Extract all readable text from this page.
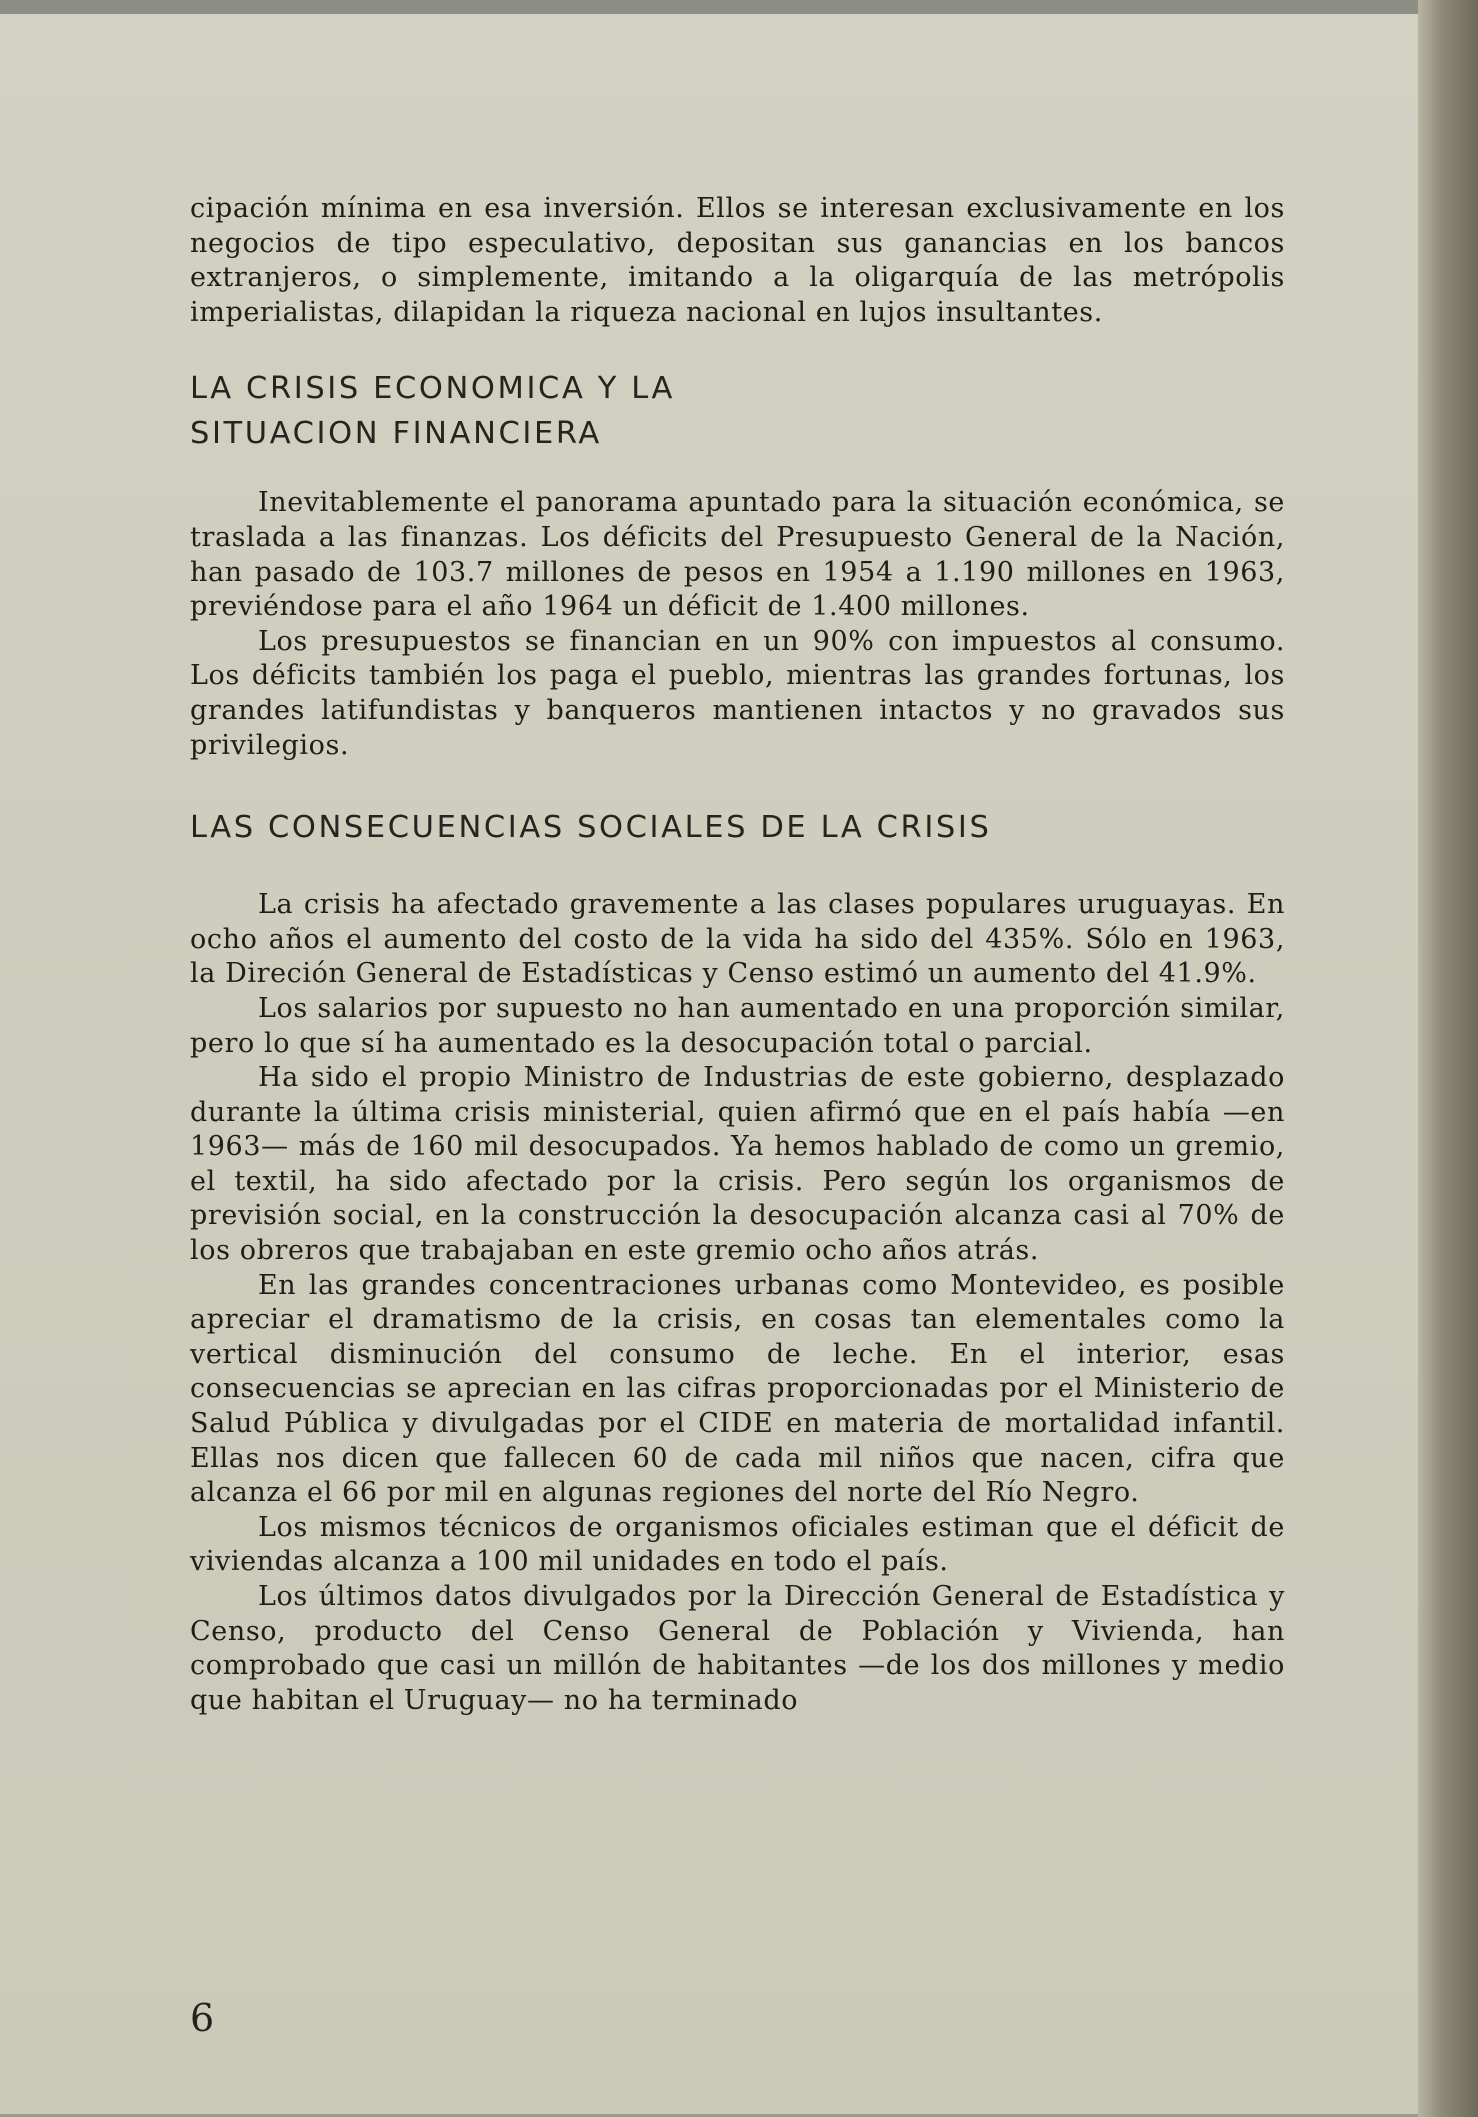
cipación mínima en esa inversión. Ellos se interesan exclusivamente en los negocios de tipo especulativo, depositan sus ganancias en los bancos extranjeros, o simplemente, imitando a la oligarquía de las metrópolis imperialistas, dilapidan la riqueza nacional en lujos insultantes.

LA CRISIS ECONOMICA Y LA
SITUACION FINANCIERA

Inevitablemente el panorama apuntado para la situación económica, se traslada a las finanzas. Los déficits del Presupuesto General de la Nación, han pasado de 103.7 millones de pesos en 1954 a 1.190 millones en 1963, previéndose para el año 1964 un déficit de 1.400 millones.

Los presupuestos se financian en un 90% con impuestos al consumo. Los déficits también los paga el pueblo, mientras las grandes fortunas, los grandes latifundistas y banqueros mantienen intactos y no gravados sus privilegios.

LAS CONSECUENCIAS SOCIALES DE LA CRISIS

La crisis ha afectado gravemente a las clases populares uruguayas. En ocho años el aumento del costo de la vida ha sido del 435%. Sólo en 1963, la Direción General de Estadísticas y Censo estimó un aumento del 41.9%.

Los salarios por supuesto no han aumentado en una proporción similar, pero lo que sí ha aumentado es la desocupación total o parcial.

Ha sido el propio Ministro de Industrias de este gobierno, desplazado durante la última crisis ministerial, quien afirmó que en el país había —en 1963— más de 160 mil desocupados. Ya hemos hablado de como un gremio, el textil, ha sido afectado por la crisis. Pero según los organismos de previsión social, en la construcción la desocupación alcanza casi al 70% de los obreros que trabajaban en este gremio ocho años atrás.

En las grandes concentraciones urbanas como Montevideo, es posible apreciar el dramatismo de la crisis, en cosas tan elementales como la vertical disminución del consumo de leche. En el interior, esas consecuencias se aprecian en las cifras proporcionadas por el Ministerio de Salud Pública y divulgadas por el CIDE en materia de mortalidad infantil. Ellas nos dicen que fallecen 60 de cada mil niños que nacen, cifra que alcanza el 66 por mil en algunas regiones del norte del Río Negro.

Los mismos técnicos de organismos oficiales estiman que el déficit de viviendas alcanza a 100 mil unidades en todo el país.

Los últimos datos divulgados por la Dirección General de Estadística y Censo, producto del Censo General de Población y Vivienda, han comprobado que casi un millón de habitantes —de los dos millones y medio que habitan el Uruguay— no ha terminado

6
